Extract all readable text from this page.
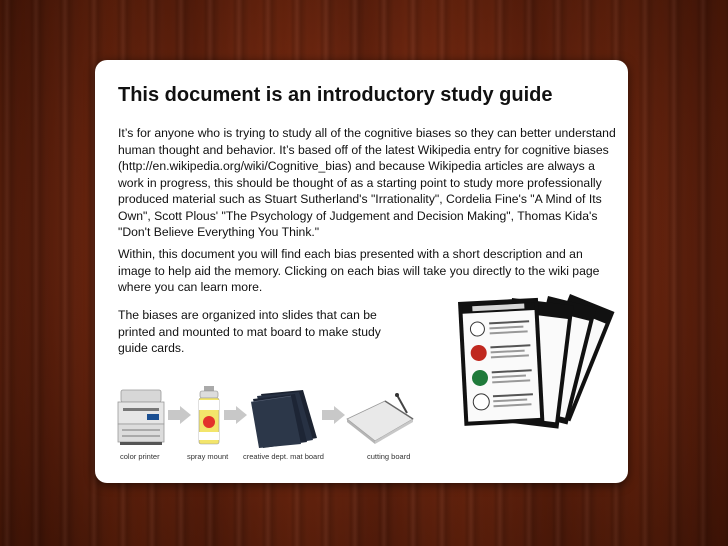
This document is an introductory study guide

It’s for anyone who is trying to study all of the cognitive biases so they can better understand human thought and behavior. It’s based off of the latest Wikipedia entry for cognitive biases (http://en.wikipedia.org/wiki/Cognitive_bias) and because Wikipedia articles are always a work in progress, this should be thought of as a starting point to study more professionally produced material such as Stuart Sutherland's "Irrationality", Cordelia Fine's "A Mind of Its Own", Scott Plous' "The Psychology of Judgement and Decision Making", Thomas Kida's "Don't Believe Everything You Think."

Within, this document you will find each bias presented with a short description and an image to help aid the memory. Clicking on each bias will take you directly to the wiki page where you can learn more.

The biases are organized into slides that can be printed and mounted to mat board to make study guide cards.

color printer	spray mount creative dept. mat board	cutting board
